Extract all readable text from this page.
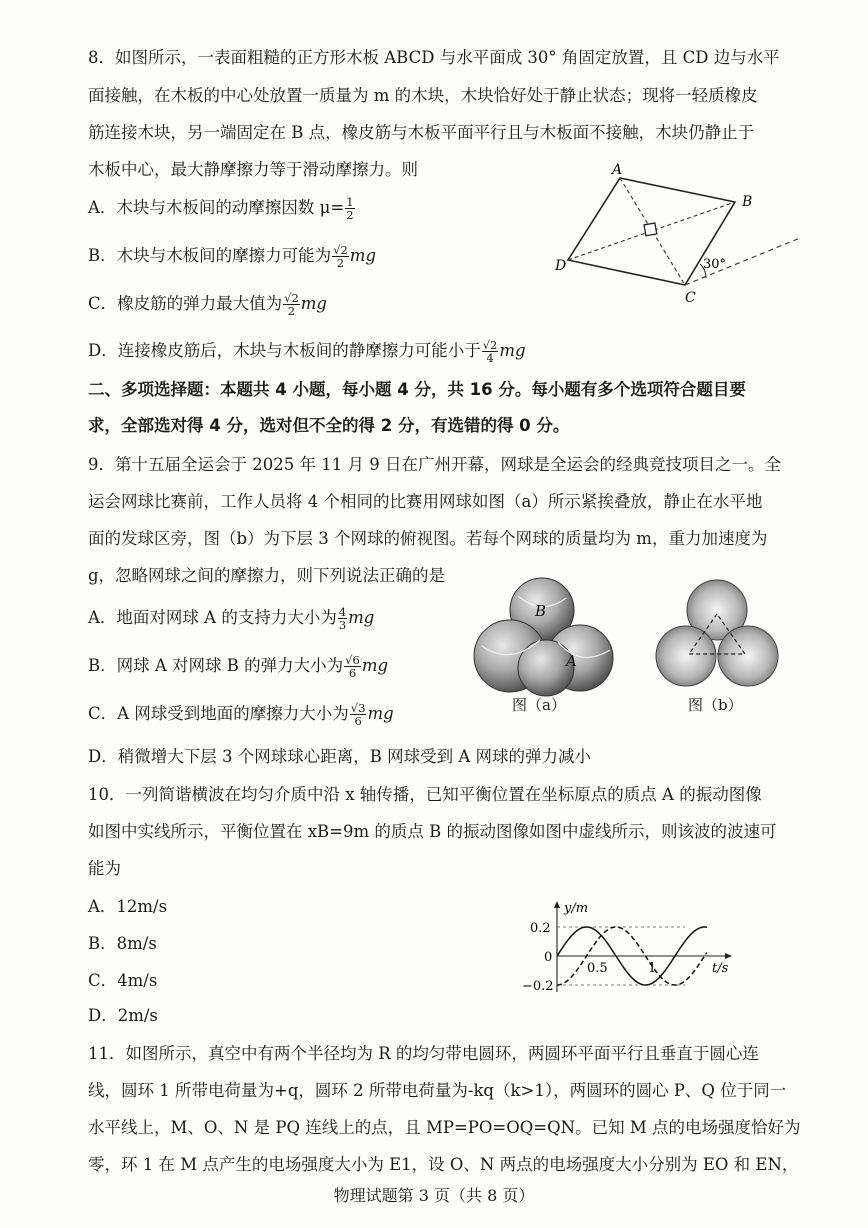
8．如图所示，一表面粗糙的正方形木板 ABCD 与水平面成 30° 角固定放置，且 CD 边与水平
面接触，在木板的中心处放置一质量为 m 的木块，木块恰好处于静止状态；现将一轻质橡皮
筋连接木块，另一端固定在 B 点，橡皮筋与木板平面平行且与木板面不接触，木块仍静止于
木板中心，最大静摩擦力等于滑动摩擦力。则
A．木块与木板间的动摩擦因数 $\mu= \frac{1}{2}$
B．木块与木板间的摩擦力可能为 $\frac{√2}{2}$ mg
C．橡皮筋的弹力最大值为 $\frac{√2}{2}$ mg
D．连接橡皮筋后，木块与木板间的静摩擦力可能小于 $\frac{√2}{4}$ mg
A
B
C
D	30°
二、多项选择题：本题共 4 小题，每小题 4 分，共 16 分。每小题有多个选项符合题目要
求，全部选对得 4 分，选对但不全的得 2 分，有选错的得 0 分。
9．第十五届全运会于 2025 年 11 月 9 日在广州开幕，网球是全运会的经典竞技项目之一。全
运会网球比赛前，工作人员将 4 个相同的比赛用网球如图（a）所示紧挨叠放，静止在水平地
面的发球区旁，图（b）为下层 3 个网球的俯视图。若每个网球的质量均为 m，重力加速度为
g，忽略网球之间的摩擦力，则下列说法正确的是
A．地面对网球 A 的支持力大小为 $\frac{4}{3}$ mg
B．网球 A 对网球 B 的弹力大小为 $\frac{√6}{6}$ mg
C．A 网球受到地面的摩擦力大小为 $\frac{√3}{6}$ mg
D．稍微增大下层 3 个网球球心距离，B 网球受到 A 网球的弹力减小
B
A
图（a）	图（b）
10．一列简谐横波在均匀介质中沿 x 轴传播，已知平衡位置在坐标原点的质点 A 的振动图像
如图中实线所示，平衡位置在 xB=9m 的质点 B 的振动图像如图中虚线所示，则该波的波速可
能为
A．12m/s
B．8m/s
C．4m/s
D．2m/s
y/m
t/s
0.2
0
−0.2
0.5	1
11．如图所示，真空中有两个半径均为 R 的均匀带电圆环，两圆环平面平行且垂直于圆心连
线，圆环 1 所带电荷量为+q，圆环 2 所带电荷量为-kq（k>1），两圆环的圆心 P、Q 位于同一
水平线上，M、O、N 是 PQ 连线上的点，且 MP=PO=OQ=QN。已知 M 点的电场强度恰好为
零，环 1 在 M 点产生的电场强度大小为 E1，设 O、N 两点的电场强度大小分别为 EO 和 EN，
物理试题第 3 页（共 8 页）
